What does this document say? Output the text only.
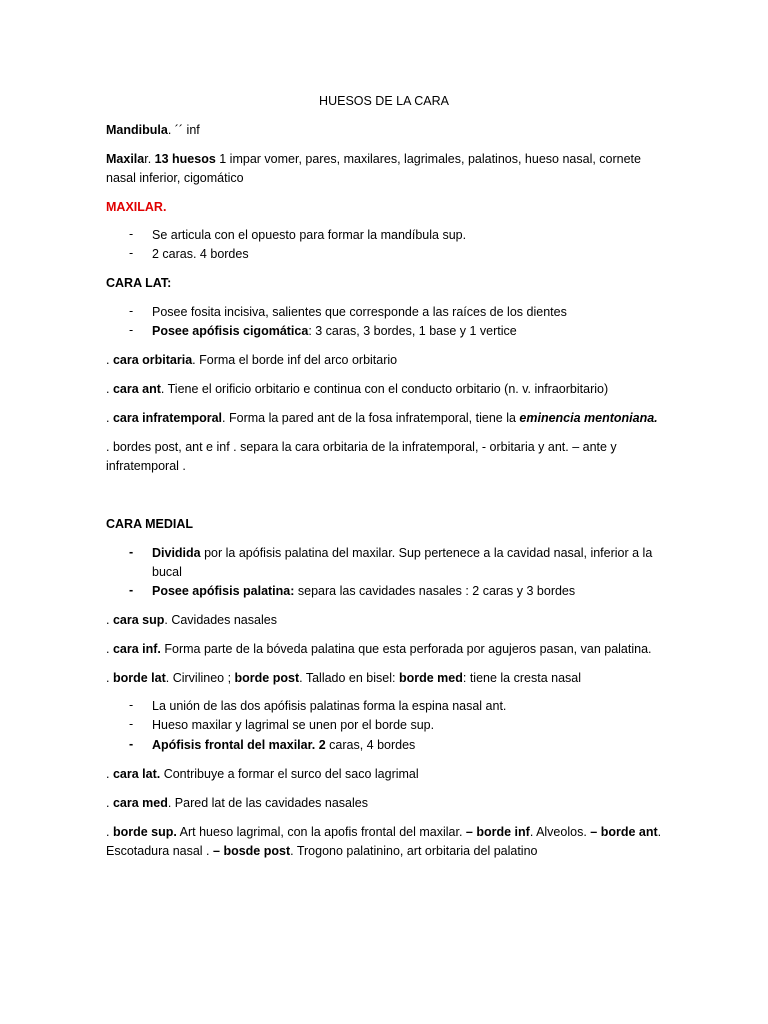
HUESOS DE LA CARA
Mandibula. ´´ inf
Maxilar. 13 huesos 1 impar vomer, pares, maxilares, lagrimales, palatinos, hueso nasal, cornete
nasal inferior, cigomático
MAXILAR.
-	Se articula con el opuesto para formar la mandíbula sup.
-	2 caras. 4 bordes
CARA LAT:
-	Posee fosita incisiva, salientes que corresponde a las raíces de los dientes
-	Posee apófisis cigomática: 3 caras, 3 bordes, 1 base y 1 vertice
. cara orbitaria. Forma el borde inf del arco orbitario
. cara ant. Tiene el orificio orbitario e continua con el conducto orbitario (n. v. infraorbitario)
. cara infratemporal. Forma la pared ant de la fosa infratemporal, tiene la eminencia mentoniana.
. bordes post, ant e inf . separa la cara orbitaria de la infratemporal, - orbitaria y ant. – ante y
infratemporal .
CARA MEDIAL
-	Dividida por la apófisis palatina del maxilar. Sup pertenece a la cavidad nasal, inferior a la
bucal
-	Posee apófisis palatina: separa las cavidades nasales : 2 caras y 3 bordes
. cara sup. Cavidades nasales
. cara inf. Forma parte de la bóveda palatina que esta perforada por agujeros pasan, van palatina.
. borde lat. Cirvilineo ; borde post. Tallado en bisel: borde med: tiene la cresta nasal
-	La unión de las dos apófisis palatinas forma la espina nasal ant.
-	Hueso maxilar y lagrimal se unen por el borde sup.
-	Apófisis frontal del maxilar. 2 caras, 4 bordes
. cara lat. Contribuye a formar el surco del saco lagrimal
. cara med. Pared lat de las cavidades nasales
. borde sup. Art hueso lagrimal, con la apofis frontal del maxilar. – borde inf. Alveolos. – borde ant.
Escotadura nasal . – bosde post. Trogono palatinino, art orbitaria del palatino
